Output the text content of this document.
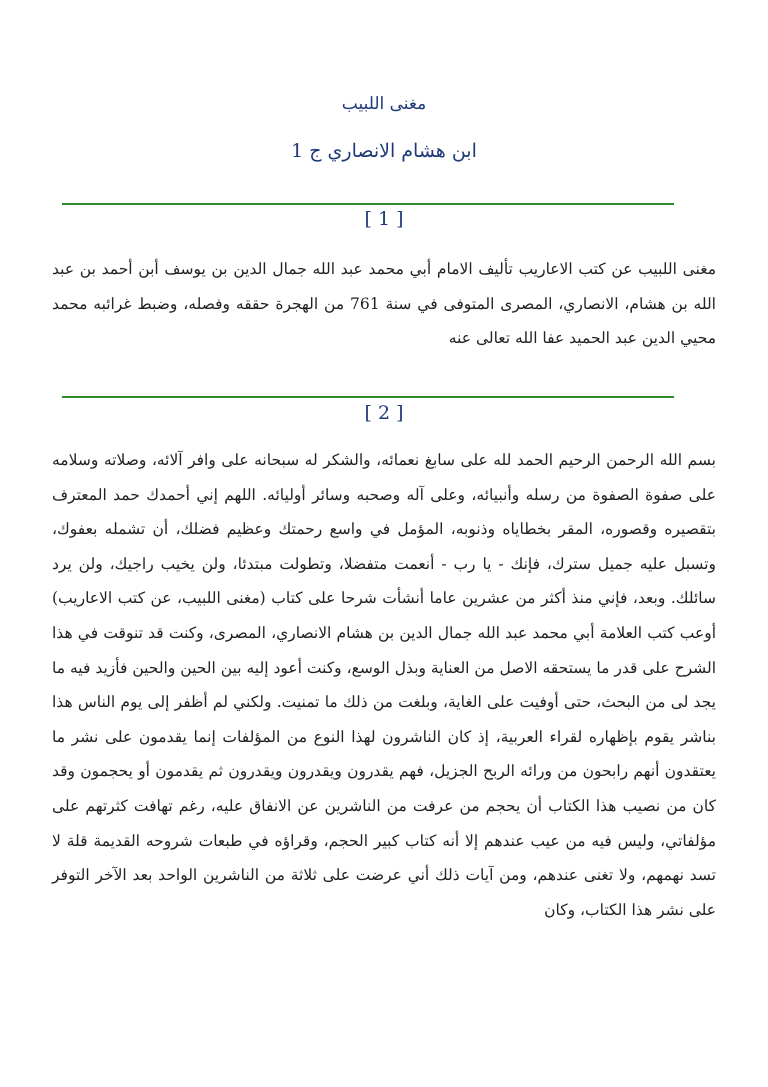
مغنى اللبيب
ابن هشام الانصاري ج 1
[ 1 ]
مغنى اللبيب عن كتب الاعاريب تأليف الامام أبي محمد عبد الله جمال الدين بن يوسف أبن أحمد بن عبد الله بن هشام، الانصاري، المصرى المتوفى في سنة 761 من الهجرة حققه وفصله، وضبط غرائبه محمد محيي الدين عبد الحميد عفا الله تعالى عنه
[ 2 ]
بسم الله الرحمن الرحيم الحمد لله على سابغ نعمائه، والشكر له سبحانه على وافر آلائه، وصلاته وسلامه على صفوة الصفوة من رسله وأنبيائه، وعلى آله وصحبه وسائر أوليائه. اللهم إني أحمدك حمد المعترف بتقصيره وقصوره، المقر بخطاياه وذنوبه، المؤمل في واسع رحمتك وعظيم فضلك، أن تشمله بعفوك، وتسبل عليه جميل سترك، فإنك - يا رب - أنعمت متفضلا، وتطولت مبتدئا، ولن يخيب راجيك، ولن يرد سائلك. وبعد، فإني منذ أكثر من عشرين عاما أنشأت شرحا على كتاب (مغنى اللبيب، عن كتب الاعاريب) أوعب كتب العلامة أبي محمد عبد الله جمال الدين بن هشام الانصاري، المصرى، وكنت قد تنوقت في هذا الشرح على قدر ما يستحقه الاصل من العناية وبذل الوسع، وكنت أعود إليه بين الحين والحين فأزيد فيه ما يجد لى من البحث، حتى أوفيت على الغاية، وبلغت من ذلك ما تمنيت. ولكني لم أظفر إلى يوم الناس هذا بناشر يقوم بإظهاره لقراء العربية، إذ كان الناشرون لهذا النوع من المؤلفات إنما يقدمون على نشر ما يعتقدون أنهم رابحون من ورائه الربح الجزيل، فهم يقدرون ويقدرون ويقدرون ثم يقدمون أو يحجمون وقد كان من نصيب هذا الكتاب أن يحجم من عرفت من الناشرين عن الانفاق عليه، رغم تهافت كثرتهم على مؤلفاتي، وليس فيه من عيب عندهم إلا أنه كتاب كبير الحجم، وقراؤه في طبعات شروحه القديمة قلة لا تسد نهمهم، ولا تغنى عندهم، ومن آيات ذلك أني عرضت على ثلاثة من الناشرين الواحد بعد الآخر التوفر على نشر هذا الكتاب، وكان
